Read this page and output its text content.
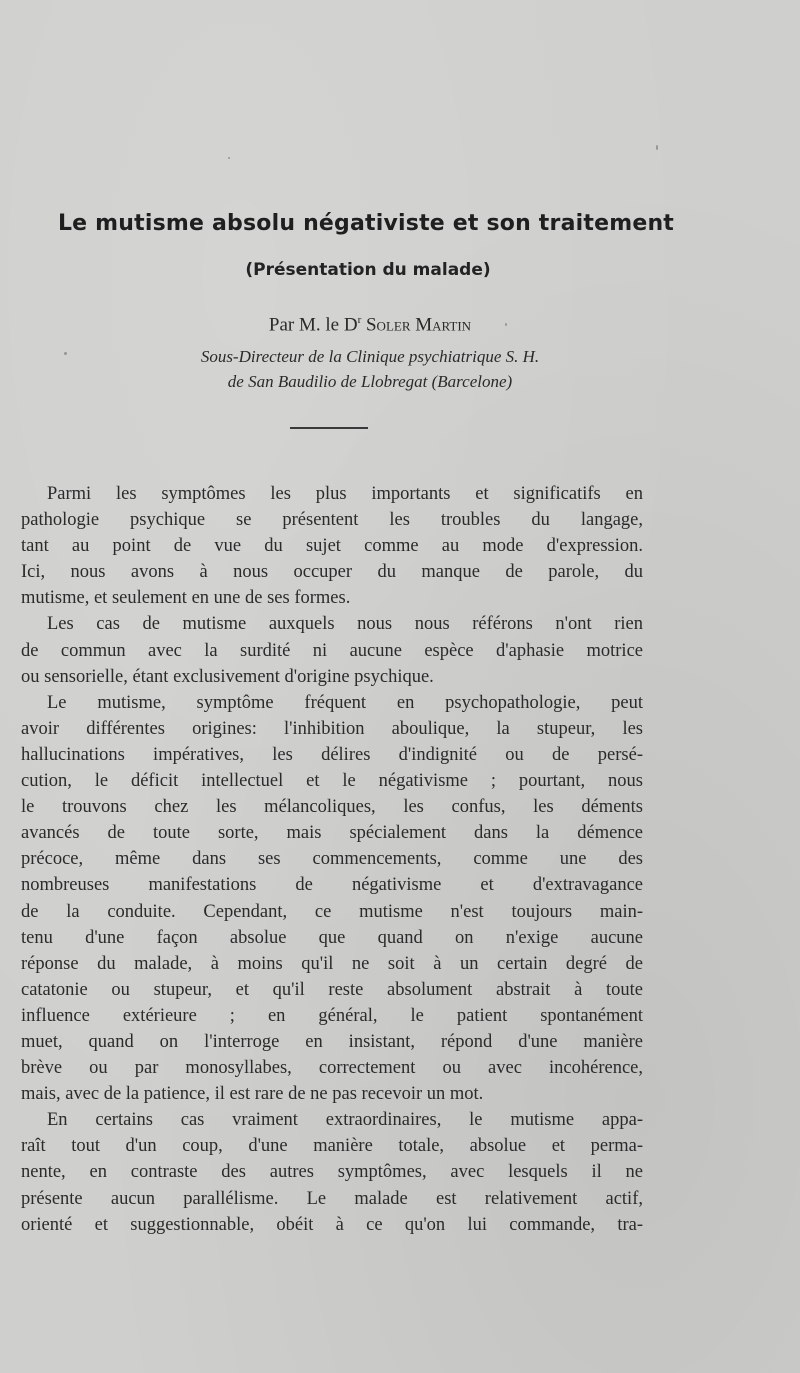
Le mutisme absolu négativiste et son traitement
(Présentation du malade)
Par M. le $D^r$ Soler Martin
Sous-Directeur de la Clinique psychiatrique S. H.
de San Baudilio de Llobregat (Barcelone)

Parmi les symptômes les plus importants et significatifs en

pathologie psychique se présentent les troubles du langage,

tant au point de vue du sujet comme au mode d'expression.

Ici, nous avons à nous occuper du manque de parole, du

mutisme, et seulement en une de ses formes.

Les cas de mutisme auxquels nous nous référons n'ont rien

de commun avec la surdité ni aucune espèce d'aphasie motrice

ou sensorielle, étant exclusivement d'origine psychique.

Le mutisme, symptôme fréquent en psychopathologie, peut

avoir différentes origines: l'inhibition aboulique, la stupeur, les

hallucinations impératives, les délires d'indignité ou de persé-

cution, le déficit intellectuel et le négativisme ; pourtant, nous

le trouvons chez les mélancoliques, les confus, les déments

avancés de toute sorte, mais spécialement dans la démence

précoce, même dans ses commencements, comme une des

nombreuses manifestations de négativisme et d'extravagance

de la conduite. Cependant, ce mutisme n'est toujours main-

tenu d'une façon absolue que quand on n'exige aucune

réponse du malade, à moins qu'il ne soit à un certain degré de

catatonie ou stupeur, et qu'il reste absolument abstrait à toute

influence extérieure ; en général, le patient spontanément

muet, quand on l'interroge en insistant, répond d'une manière

brève ou par monosyllabes, correctement ou avec incohérence,

mais, avec de la patience, il est rare de ne pas recevoir un mot.

En certains cas vraiment extraordinaires, le mutisme appa-

raît tout d'un coup, d'une manière totale, absolue et perma-

nente, en contraste des autres symptômes, avec lesquels il ne

présente aucun parallélisme. Le malade est relativement actif,

orienté et suggestionnable, obéit à ce qu'on lui commande, tra-
